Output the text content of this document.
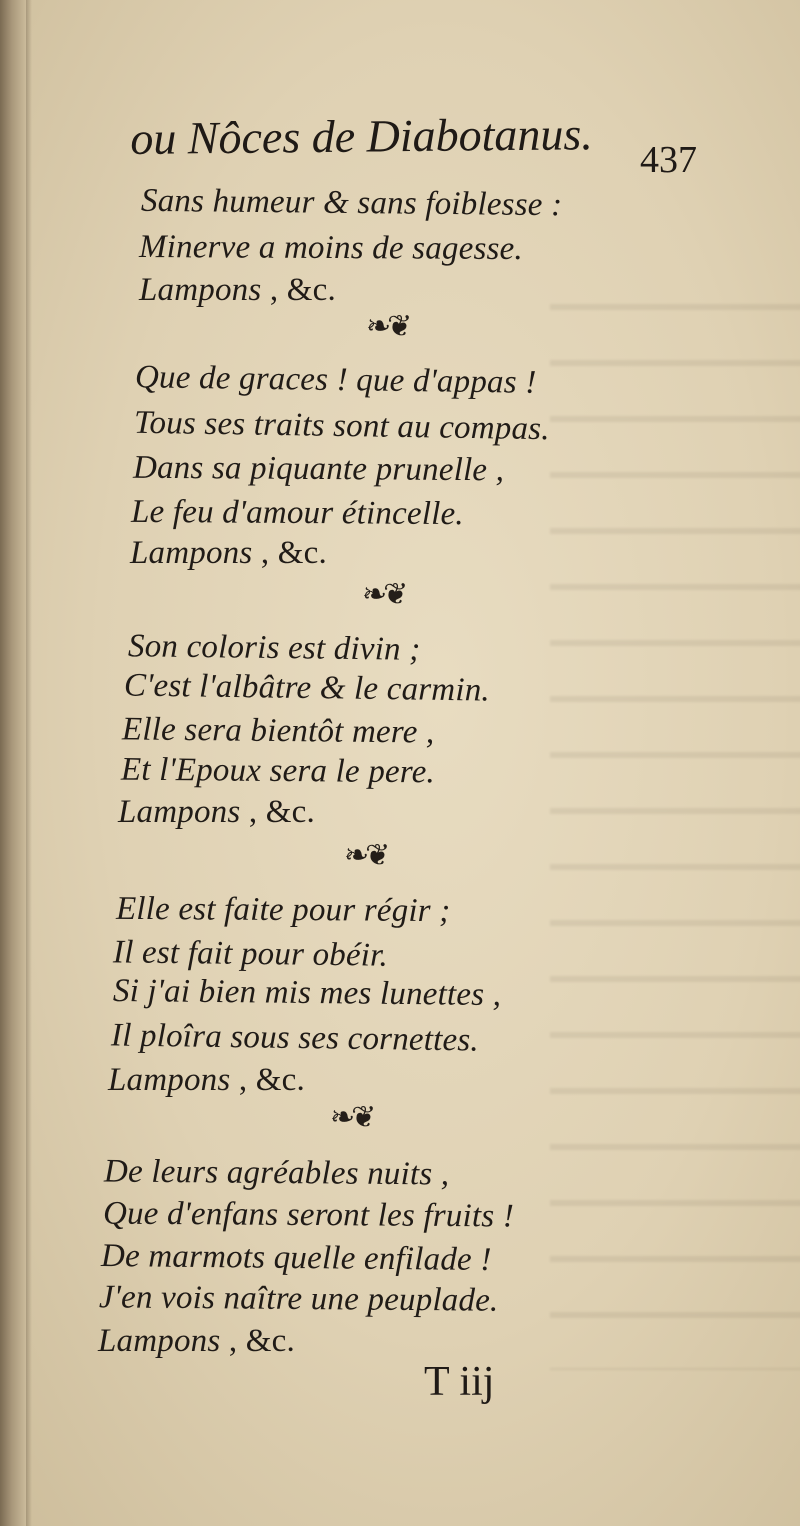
ou Nôces de Diabotanus. 437
Sans humeur & sans foiblesse :
Minerve a moins de sagesse.
Lampons , &c.
❧❦
Que de graces ! que d'appas !
Tous ses traits sont au compas.
Dans sa piquante prunelle ,
Le feu d'amour étincelle.
Lampons , &c.
❧❦
Son coloris est divin ;
C'est l'albâtre & le carmin.
Elle sera bientôt mere ,
Et l'Epoux sera le pere.
Lampons , &c.
❧❦
Elle est faite pour régir ;
Il est fait pour obéir.
Si j'ai bien mis mes lunettes ,
Il ploîra sous ses cornettes.
Lampons , &c.
❧❦
De leurs agréables nuits ,
Que d'enfans seront les fruits !
De marmots quelle enfilade !
J'en vois naître une peuplade.
Lampons , &c.
T iij
